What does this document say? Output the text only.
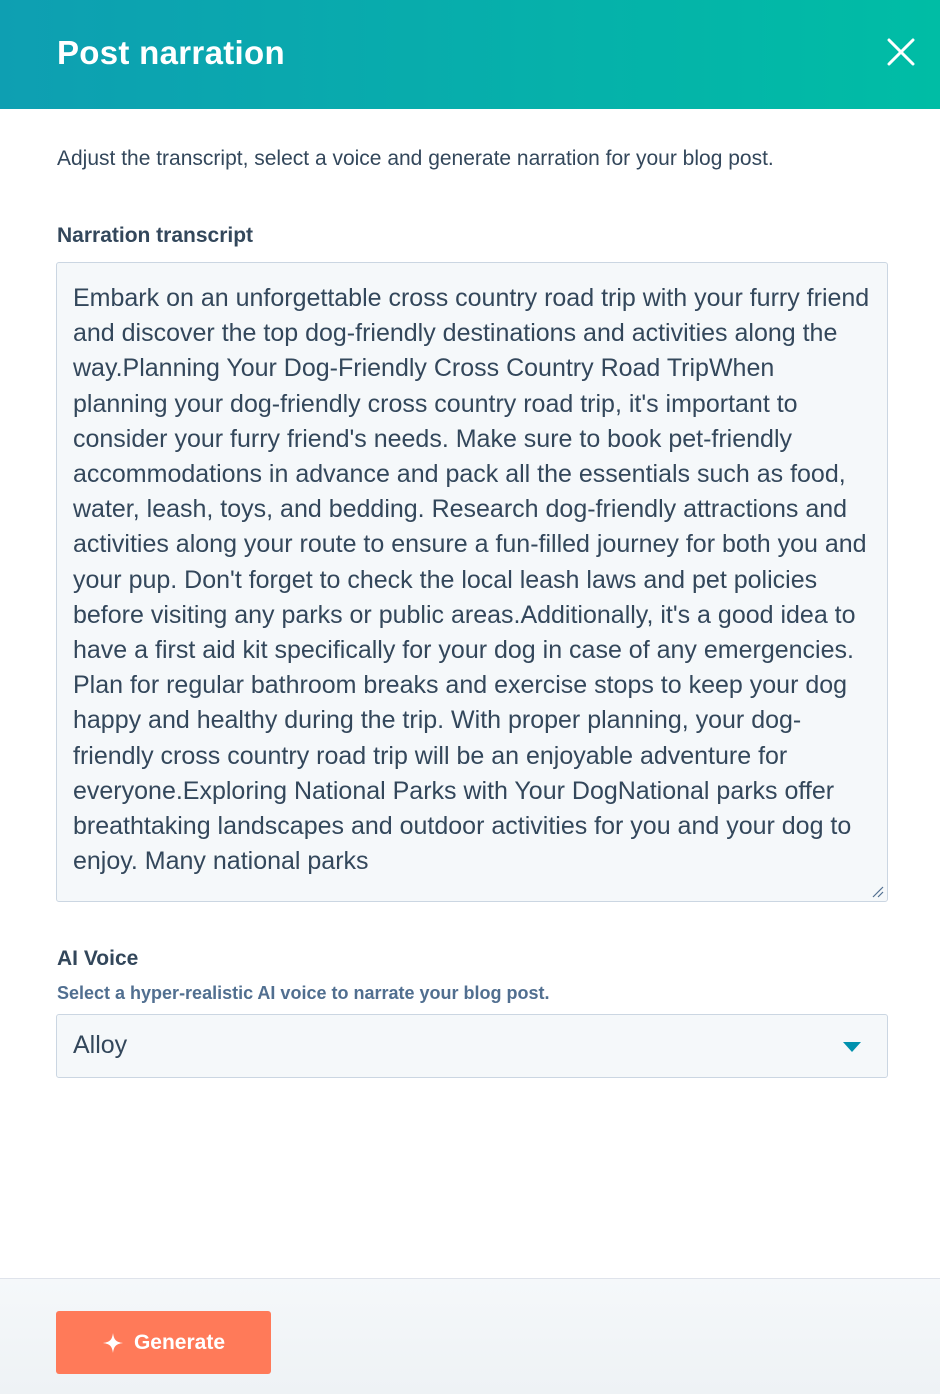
Post narration
Adjust the transcript, select a voice and generate narration for your blog post.
Narration transcript
Embark on an unforgettable cross country road trip with your furry friend and discover the top dog-friendly destinations and activities along the way.Planning Your Dog-Friendly Cross Country Road TripWhen planning your dog-friendly cross country road trip, it's important to consider your furry friend's needs. Make sure to book pet-friendly accommodations in advance and pack all the essentials such as food, water, leash, toys, and bedding. Research dog-friendly attractions and activities along your route to ensure a fun-filled journey for both you and your pup. Don't forget to check the local leash laws and pet policies before visiting any parks or public areas.Additionally, it's a good idea to have a first aid kit specifically for your dog in case of any emergencies. Plan for regular bathroom breaks and exercise stops to keep your dog happy and healthy during the trip. With proper planning, your dog-friendly cross country road trip will be an enjoyable adventure for everyone.Exploring National Parks with Your DogNational parks offer breathtaking landscapes and outdoor activities for you and your dog to enjoy. Many national parks
AI Voice
Select a hyper-realistic AI voice to narrate your blog post.
Alloy
Generate
